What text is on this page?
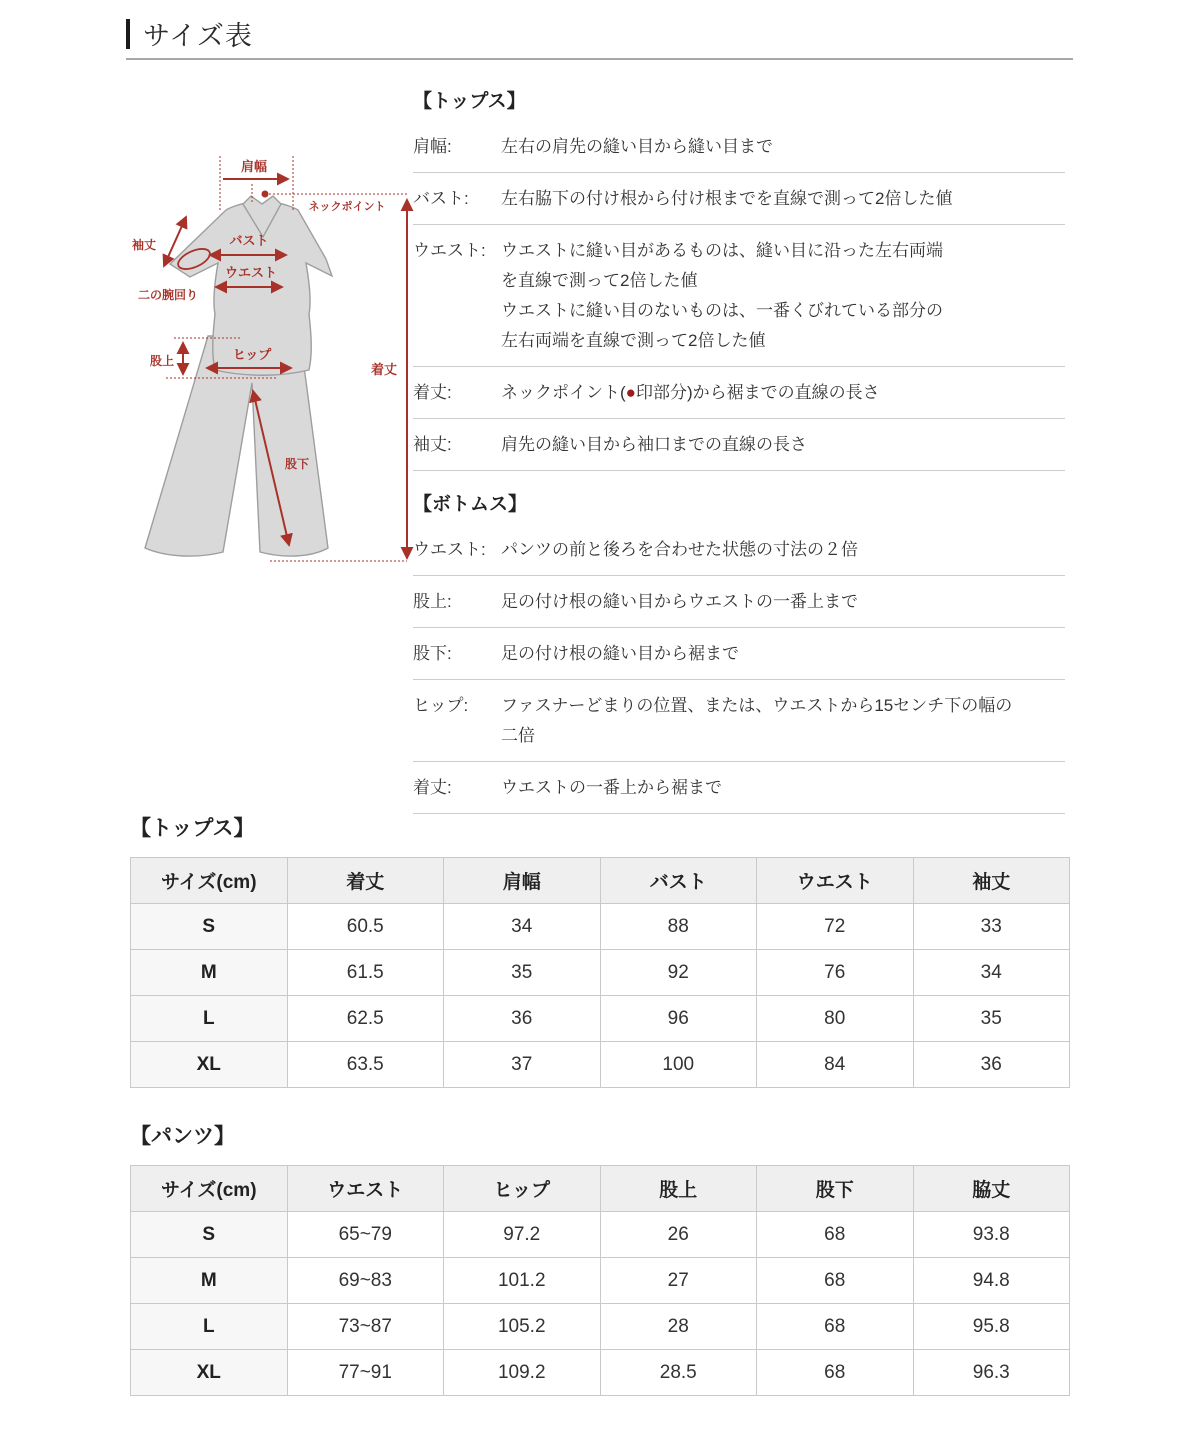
サイズ表
肩幅
ネックポイント
着丈
袖丈
二の腕回り
バスト
ウエスト
股上	ヒップ
股下
【トップス】
肩幅:	左右の肩先の縫い目から縫い目まで
バスト:	左右脇下の付け根から付け根までを直線で測って2倍した値
ウエスト: ウエストに縫い目があるものは、縫い目に沿った左右両端
を直線で測って2倍した値
ウエストに縫い目のないものは、一番くびれている部分の
左右両端を直線で測って2倍した値
着丈:	ネックポイント(●印部分)から裾までの直線の長さ
袖丈:	肩先の縫い目から袖口までの直線の長さ
【ボトムス】
ウエスト: パンツの前と後ろを合わせた状態の寸法の２倍
股上:	足の付け根の縫い目からウエストの一番上まで
股下:	足の付け根の縫い目から裾まで
ヒップ:	ファスナーどまりの位置、または、ウエストから15センチ下の幅の
二倍
着丈:	ウエストの一番上から裾まで
【トップス】
サイズ(cm)	着丈	肩幅	バスト	ウエスト	袖丈
S	60.5	34	88	72	33
M	61.5	35	92	76	34
L	62.5	36	96	80	35
XL	63.5	37	100	84	36
【パンツ】
サイズ(cm)	ウエスト	ヒップ	股上	股下	脇丈
S	65~79	97.2	26	68	93.8
M	69~83	101.2	27	68	94.8
L	73~87	105.2	28	68	95.8
XL	77~91	109.2	28.5	68	96.3
